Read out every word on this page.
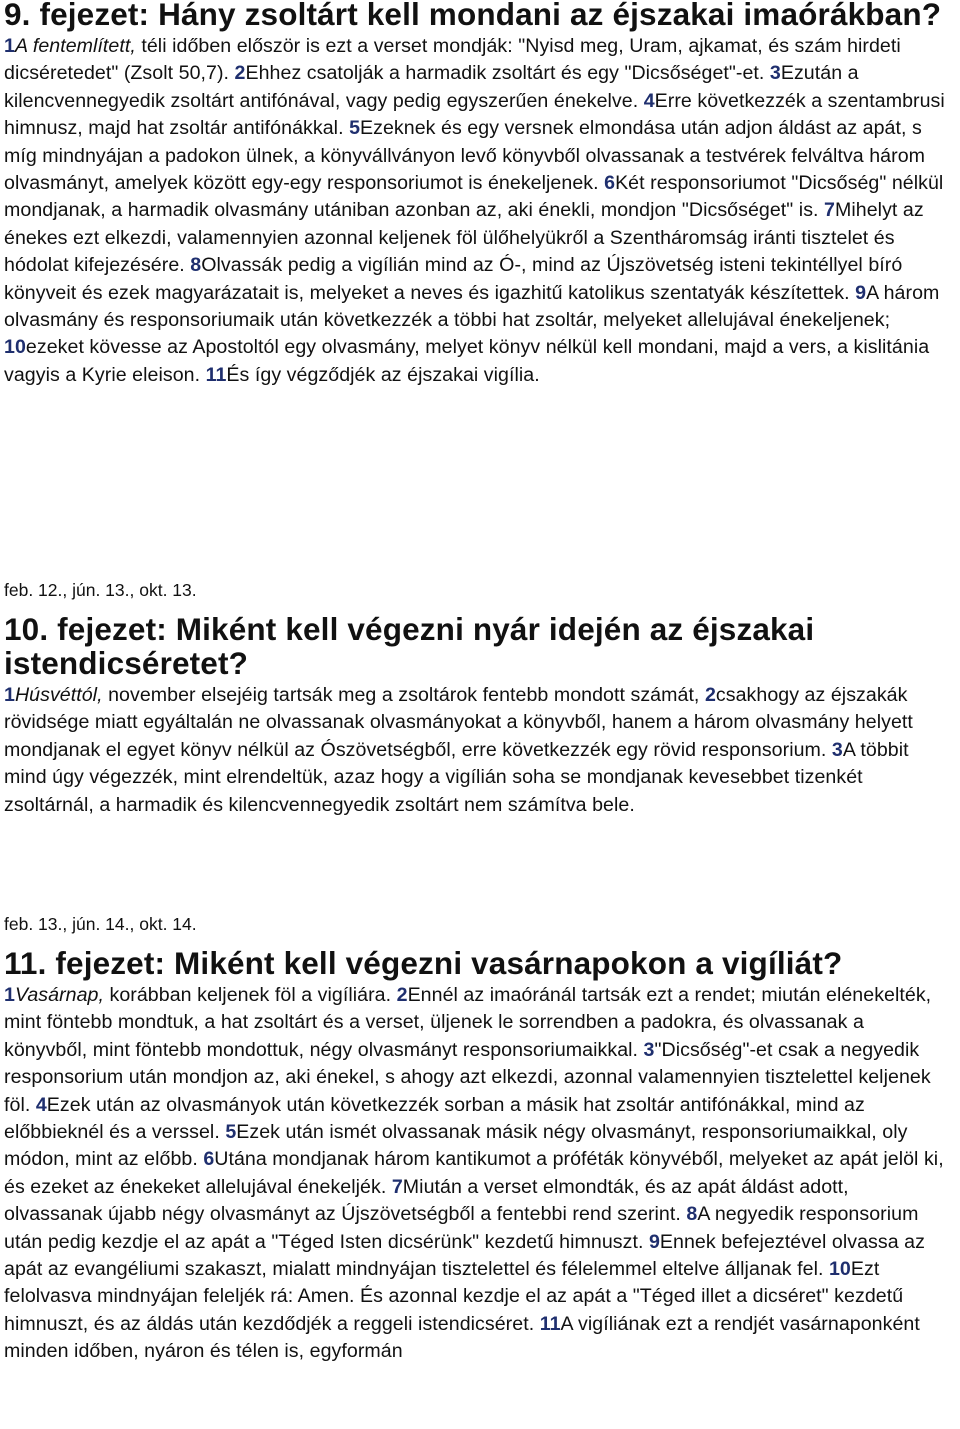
9. fejezet: Hány zsoltárt kell mondani az éjszakai imaórákban?

1A fentemlített, téli időben először is ezt a verset mondják: "Nyisd meg, Uram, ajkamat, és szám hirdeti dicséretedet" (Zsolt 50,7). 2Ehhez csatolják a harmadik zsoltárt és egy "Dicsőséget"-et. 3Ezután a kilencvennegyedik zsoltárt antifónával, vagy pedig egyszerűen énekelve. 4Erre következzék a szentambrusi himnusz, majd hat zsoltár antifónákkal. 5Ezeknek és egy versnek elmondása után adjon áldást az apát, s míg mindnyájan a padokon ülnek, a könyvállványon levő könyvből olvassanak a testvérek felváltva három olvasmányt, amelyek között egy-egy responsoriumot is énekeljenek. 6Két responsoriumot "Dicsőség" nélkül mondjanak, a harmadik olvasmány utániban azonban az, aki énekli, mondjon "Dicsőséget" is. 7Mihelyt az énekes ezt elkezdi, valamennyien azonnal keljenek föl ülőhelyükről a Szentháromság iránti tisztelet és hódolat kifejezésére. 8Olvassák pedig a vigílián mind az Ó-, mind az Újszövetség isteni tekintéllyel bíró könyveit és ezek magyarázatait is, melyeket a neves és igazhitű katolikus szentatyák készítettek. 9A három olvasmány és responsoriumaik után következzék a többi hat zsoltár, melyeket allelujával énekeljenek; 10ezeket kövesse az Apostoltól egy olvasmány, melyet könyv nélkül kell mondani, majd a vers, a kislitánia vagyis a Kyrie eleison. 11És így végződjék az éjszakai vigília.

feb. 12., jún. 13., okt. 13.

10. fejezet: Miként kell végezni nyár idején az éjszakai istendicséretet?

1Húsvéttól, november elsejéig tartsák meg a zsoltárok fentebb mondott számát, 2csakhogy az éjszakák rövidsége miatt egyáltalán ne olvassanak olvasmányokat a könyvből, hanem a három olvasmány helyett mondjanak el egyet könyv nélkül az Ószövetségből, erre következzék egy rövid responsorium. 3A többit mind úgy végezzék, mint elrendeltük, azaz hogy a vigílián soha se mondjanak kevesebbet tizenkét zsoltárnál, a harmadik és kilencvennegyedik zsoltárt nem számítva bele.

feb. 13., jún. 14., okt. 14.

11. fejezet: Miként kell végezni vasárnapokon a vigíliát?

1Vasárnap, korábban keljenek föl a vigíliára. 2Ennél az imaóránál tartsák ezt a rendet; miután elénekelték, mint föntebb mondtuk, a hat zsoltárt és a verset, üljenek le sorrendben a padokra, és olvassanak a könyvből, mint föntebb mondottuk, négy olvasmányt responsoriumaikkal. 3"Dicsőség"-et csak a negyedik responsorium után mondjon az, aki énekel, s ahogy azt elkezdi, azonnal valamennyien tisztelettel keljenek föl. 4Ezek után az olvasmányok után következzék sorban a másik hat zsoltár antifónákkal, mind az előbbieknél és a verssel. 5Ezek után ismét olvassanak másik négy olvasmányt, responsoriumaikkal, oly módon, mint az előbb. 6Utána mondjanak három kantikumot a próféták könyvéből, melyeket az apát jelöl ki, és ezeket az énekeket allelujával énekeljék. 7Miután a verset elmondták, és az apát áldást adott, olvassanak újabb négy olvasmányt az Újszövetségből a fentebbi rend szerint. 8A negyedik responsorium után pedig kezdje el az apát a "Téged Isten dicsérünk" kezdetű himnuszt. 9Ennek befejeztével olvassa az apát az evangéliumi szakaszt, mialatt mindnyájan tisztelettel és félelemmel eltelve álljanak fel. 10Ezt felolvasva mindnyájan feleljék rá: Amen. És azonnal kezdje el az apát a "Téged illet a dicséret" kezdetű himnuszt, és az áldás után kezdődjék a reggeli istendicséret. 11A vigíliának ezt a rendjét vasárnaponként minden időben, nyáron és télen is, egyformán
